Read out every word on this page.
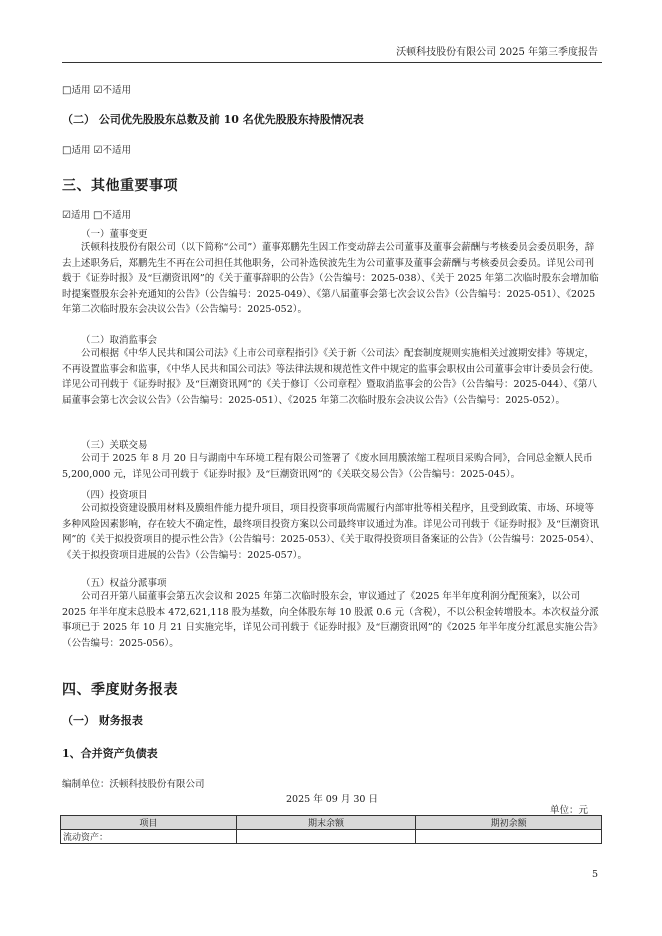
沃顿科技股份有限公司 2025 年第三季度报告
□适用 ☑不适用
（二） 公司优先股股东总数及前 10 名优先股股东持股情况表
□适用 ☑不适用
三、其他重要事项
☑适用 □不适用
（一）董事变更
沃顿科技股份有限公司（以下简称“公司”）董事郑鹏先生因工作变动辞去公司董事及董事会薪酬与考核委员会委员职务，辞去上述职务后，郑鹏先生不再在公司担任其他职务，公司补选侯波先生为公司董事及董事会薪酬与考核委员会委员。详见公司刊载于《证券时报》及“巨潮资讯网”的《关于董事辞职的公告》（公告编号：2025-038）、《关于 2025 年第二次临时股东会增加临时提案暨股东会补充通知的公告》（公告编号：2025-049）、《第八届董事会第七次会议公告》（公告编号：2025-051）、《2025 年第二次临时股东会决议公告》（公告编号：2025-052）。
（二）取消监事会
公司根据《中华人民共和国公司法》《上市公司章程指引》《关于新〈公司法〉配套制度规则实施相关过渡期安排》等规定，不再设置监事会和监事，《中华人民共和国公司法》等法律法规和规范性文件中规定的监事会职权由公司董事会审计委员会行使。详见公司刊载于《证券时报》及“巨潮资讯网”的《关于修订〈公司章程〉暨取消监事会的公告》（公告编号：2025-044）、《第八届董事会第七次会议公告》（公告编号：2025-051）、《2025 年第二次临时股东会决议公告》（公告编号：2025-052）。
（三）关联交易
公司于 2025 年 8 月 20 日与湖南中车环境工程有限公司签署了《废水回用膜浓缩工程项目采购合同》，合同总金额人民币 5,200,000 元，详见公司刊载于《证券时报》及“巨潮资讯网”的《关联交易公告》（公告编号：2025-045）。
（四）投资项目
公司拟投资建设膜用材料及膜组件能力提升项目，项目投资事项尚需履行内部审批等相关程序，且受到政策、市场、环境等多种风险因素影响，存在较大不确定性，最终项目投资方案以公司最终审议通过为准。详见公司刊载于《证券时报》及“巨潮资讯网”的《关于拟投资项目的提示性公告》（公告编号：2025-053）、《关于取得投资项目备案证的公告》（公告编号：2025-054）、《关于拟投资项目进展的公告》（公告编号：2025-057）。
（五）权益分派事项
公司召开第八届董事会第五次会议和 2025 年第二次临时股东会，审议通过了《2025 年半年度利润分配预案》，以公司 2025 年半年度末总股本 472,621,118 股为基数，向全体股东每 10 股派 0.6 元（含税），不以公积金转增股本。本次权益分派事项已于 2025 年 10 月 21 日实施完毕，详见公司刊载于《证券时报》及“巨潮资讯网”的《2025 年半年度分红派息实施公告》（公告编号：2025-056）。
四、季度财务报表
（一） 财务报表
1、合并资产负债表
编制单位：沃顿科技股份有限公司
2025 年 09 月 30 日
单位：元
项目	期末余额	期初余额
流动资产：		
5
